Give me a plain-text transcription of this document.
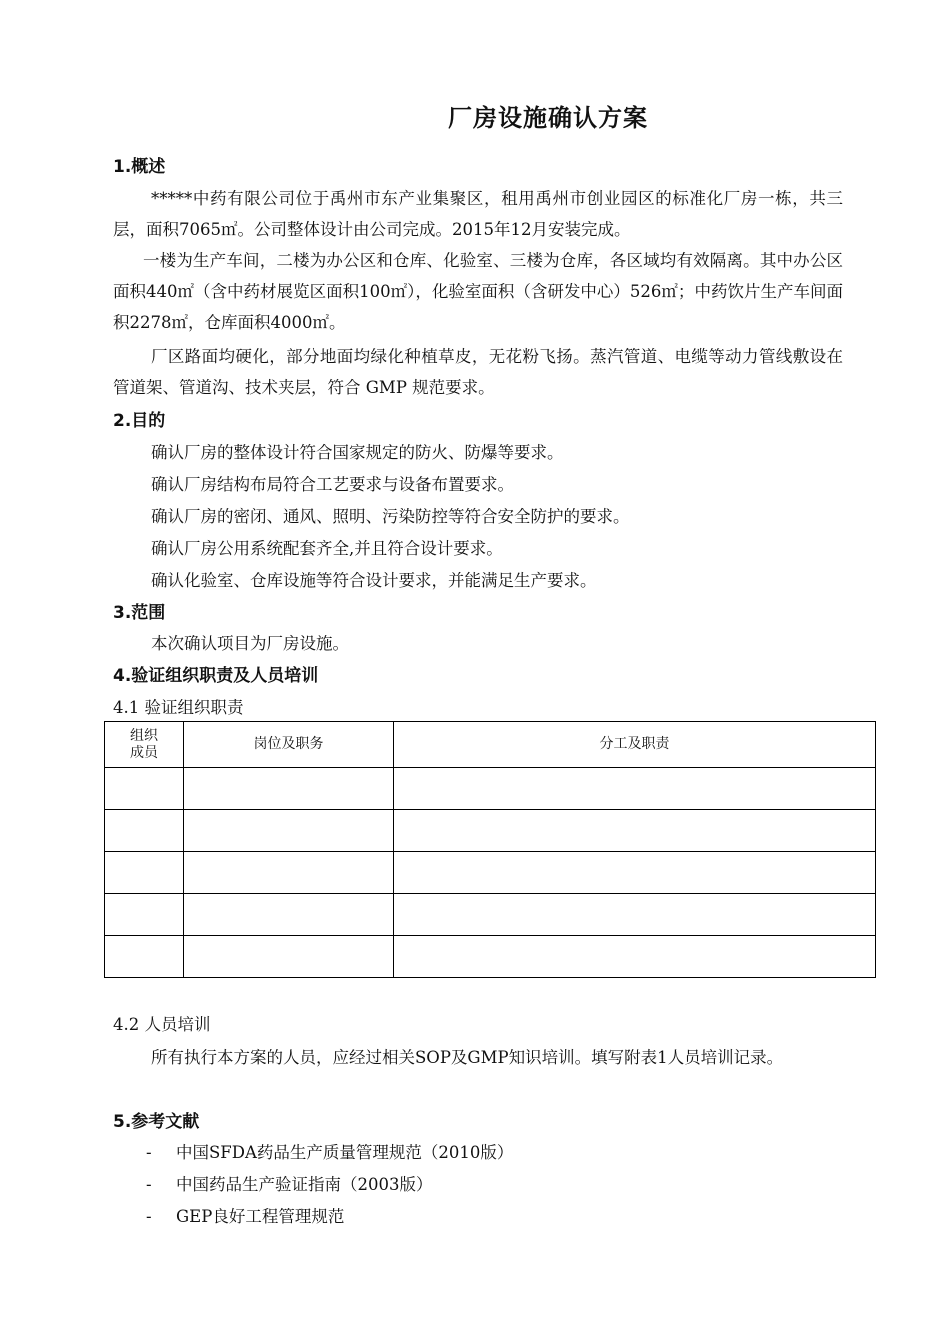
厂房设施确认方案
1.概述
*****中药有限公司位于禹州市东产业集聚区，租用禹州市创业园区的标准化厂房一栋，共三层，面积7065㎡。公司整体设计由公司完成。2015年12月安装完成。
一楼为生产车间，二楼为办公区和仓库、化验室、三楼为仓库，各区域均有效隔离。其中办公区面积440㎡（含中药材展览区面积100㎡），化验室面积（含研发中心）526㎡；中药饮片生产车间面积2278㎡，仓库面积4000㎡。
厂区路面均硬化，部分地面均绿化种植草皮，无花粉飞扬。蒸汽管道、电缆等动力管线敷设在管道架、管道沟、技术夹层，符合 GMP 规范要求。
2.目的
确认厂房的整体设计符合国家规定的防火、防爆等要求。
确认厂房结构布局符合工艺要求与设备布置要求。
确认厂房的密闭、通风、照明、污染防控等符合安全防护的要求。
确认厂房公用系统配套齐全,并且符合设计要求。
确认化验室、仓库设施等符合设计要求，并能满足生产要求。
3.范围
本次确认项目为厂房设施。
4.验证组织职责及人员培训
4.1 验证组织职责
组织
成员	岗位及职务	分工及职责

4.2 人员培训
所有执行本方案的人员，应经过相关SOP及GMP知识培训。填写附表1人员培训记录。
5.参考文献
- 中国SFDA药品生产质量管理规范（2010版）
- 中国药品生产验证指南（2003版）
- GEP良好工程管理规范
